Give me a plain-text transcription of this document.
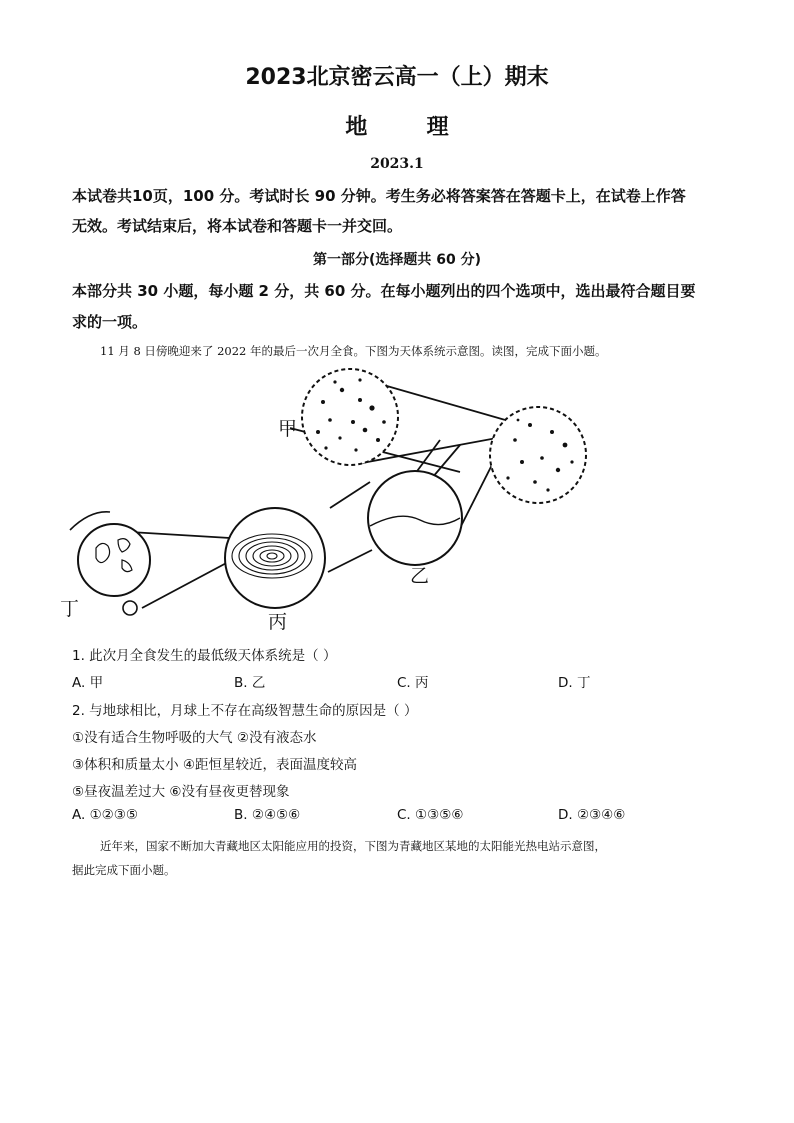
2023北京密云高一（上）期末
地	理
2023.1
本试卷共10页，100 分。考试时长 90 分钟。考生务必将答案答在答题卡上，在试卷上作答
无效。考试结束后，将本试卷和答题卡一并交回。
第一部分(选择题共 60 分)
本部分共 30 小题，每小题 2 分，共 60 分。在每小题列出的四个选项中，选出最符合题目要
求的一项。
11 月 8 日傍晚迎来了 2022 年的最后一次月全食。下图为天体系统示意图。读图，完成下面小题。
甲
乙
丙
丁
1. 此次月全食发生的最低级天体系统是（ ）
A. 甲	B. 乙	C. 丙	D. 丁
2. 与地球相比，月球上不存在高级智慧生命的原因是（ ）
①没有适合生物呼吸的大气 ②没有液态水
③体积和质量太小 ④距恒星较近，表面温度较高
⑤昼夜温差过大 ⑥没有昼夜更替现象
A. ①②③⑤	B. ②④⑤⑥	C. ①③⑤⑥	D. ②③④⑥
近年来，国家不断加大青藏地区太阳能应用的投资，下图为青藏地区某地的太阳能光热电站示意图，
据此完成下面小题。
